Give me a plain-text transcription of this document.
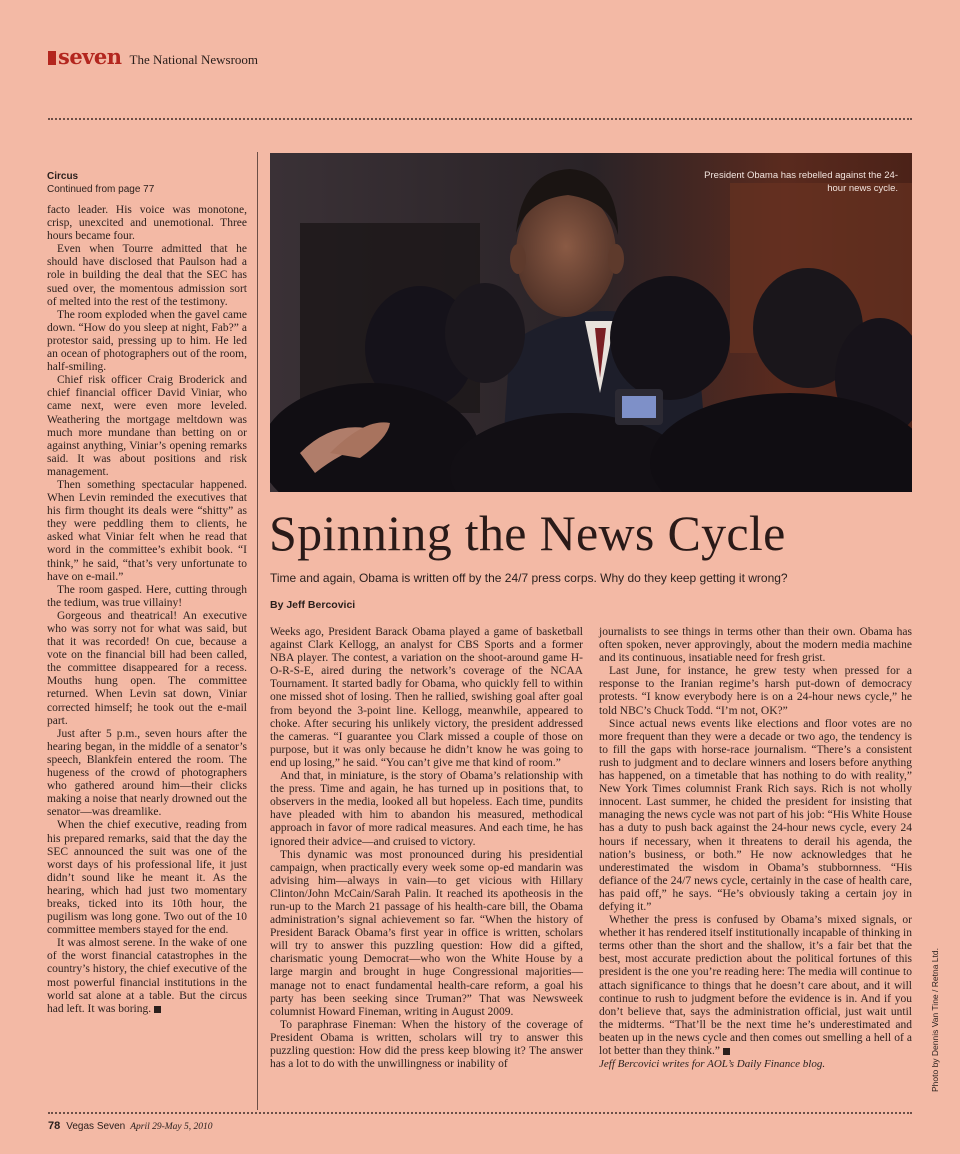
seven The National Newsroom
Circus
Continued from page 77

facto leader. His voice was monotone, crisp, unexcited and unemotional. Three hours became four.

Even when Tourre admitted that he should have disclosed that Paulson had a role in building the deal that the SEC has sued over, the momentous admission sort of melted into the rest of the testimony.

The room exploded when the gavel came down. “How do you sleep at night, Fab?” a protestor said, pressing up to him. He led an ocean of photographers out of the room, half-smiling.

Chief risk officer Craig Broderick and chief financial officer David Viniar, who came next, were even more leveled. Weathering the mortgage meltdown was much more mundane than betting on or against anything, Viniar’s opening remarks said. It was about positions and risk management.

Then something spectacular happened. When Levin reminded the executives that his firm thought its deals were “shitty” as they were peddling them to clients, he asked what Viniar felt when he read that word in the committee’s exhibit book. “I think,” he said, “that’s very unfortunate to have on e-mail.”

The room gasped. Here, cutting through the tedium, was true villainy!

Gorgeous and theatrical! An executive who was sorry not for what was said, but that it was recorded! On cue, because a vote on the financial bill had been called, the committee disappeared for a recess. Mouths hung open. The committee returned. When Levin sat down, Viniar corrected himself; he took out the e-mail part.

Just after 5 p.m., seven hours after the hearing began, in the middle of a senator’s speech, Blankfein entered the room. The hugeness of the crowd of photographers who gathered around him—their clicks making a noise that nearly drowned out the senator—was dreamlike.

When the chief executive, reading from his prepared remarks, said that the day the SEC announced the suit was one of the worst days of his professional life, it just didn’t sound like he meant it. As the hearing, which had just two momentary breaks, ticked into its 10th hour, the pugilism was long gone. Two out of the 10 committee members stayed for the end.

It was almost serene. In the wake of one of the worst financial catastrophes in the country’s history, the chief executive of the most powerful financial institutions in the world sat alone at a table. But the circus had left. It was boring.

President Obama has rebelled against the 24-hour news cycle.
Spinning the News Cycle
Time and again, Obama is written off by the 24/7 press corps. Why do they keep getting it wrong?
By Jeff Bercovici

Weeks ago, President Barack Obama played a game of basketball against Clark Kellogg, an analyst for CBS Sports and a former NBA player. The contest, a variation on the shoot-around game H-O-R-S-E, aired during the network’s coverage of the NCAA Tournament. It started badly for Obama, who quickly fell to within one missed shot of losing. Then he rallied, swishing goal after goal from beyond the 3-point line. Kellogg, meanwhile, appeared to choke. After securing his unlikely victory, the president addressed the cameras. “I guarantee you Clark missed a couple of those on purpose, but it was only because he didn’t know he was going to end up losing,” he said. “You can’t give me that kind of room.”

And that, in miniature, is the story of Obama’s relationship with the press. Time and again, he has turned up in positions that, to observers in the media, looked all but hopeless. Each time, pundits have pleaded with him to abandon his measured, methodical approach in favor of more radical measures. And each time, he has ignored their advice—and cruised to victory.

This dynamic was most pronounced during his presidential campaign, when practically every week some op-ed mandarin was advising him—always in vain—to get vicious with Hillary Clinton/John McCain/Sarah Palin. It reached its apotheosis in the run-up to the March 21 passage of his health-care bill, the Obama administration’s signal achievement so far. “When the history of President Barack Obama’s first year in office is written, scholars will try to answer this puzzling question: How did a gifted, charismatic young Democrat—who won the White House by a large margin and brought in huge Congressional majorities—manage not to enact fundamental health-care reform, a goal his party has been seeking since Truman?” That was Newsweek columnist Howard Fineman, writing in August 2009.

To paraphrase Fineman: When the history of the coverage of President Obama is written, scholars will try to answer this puzzling question: How did the press keep blowing it? The answer has a lot to do with the unwillingness or inability of

journalists to see things in terms other than their own. Obama has often spoken, never approvingly, about the modern media machine and its continuous, insatiable need for fresh grist.

Last June, for instance, he grew testy when pressed for a response to the Iranian regime’s harsh put-down of democracy protests. “I know everybody here is on a 24-hour news cycle,” he told NBC’s Chuck Todd. “I’m not, OK?”

Since actual news events like elections and floor votes are no more frequent than they were a decade or two ago, the tendency is to fill the gaps with horse-race journalism. “There’s a consistent rush to judgment and to declare winners and losers before anything has happened, on a timetable that has nothing to do with reality,” New York Times columnist Frank Rich says. Rich is not wholly innocent. Last summer, he chided the president for insisting that managing the news cycle was not part of his job: “His White House has a duty to push back against the 24-hour news cycle, every 24 hours if necessary, when it threatens to derail his agenda, the nation’s business, or both.” He now acknowledges that he underestimated the wisdom in Obama’s stubbornness. “His defiance of the 24/7 news cycle, certainly in the case of health care, has paid off,” he says. “He’s obviously taking a certain joy in defying it.”

Whether the press is confused by Obama’s mixed signals, or whether it has rendered itself institutionally incapable of thinking in terms other than the short and the shallow, it’s a fair bet that the best, most accurate prediction about the political fortunes of this president is the one you’re reading here: The media will continue to attach significance to things that he doesn’t care about, and it will continue to rush to judgment before the evidence is in. And if you don’t believe that, says the administration official, just wait until the midterms. “That’ll be the next time he’s underestimated and beaten up in the news cycle and then comes out smelling a hell of a lot better than they think.”

Jeff Bercovici writes for AOL’s Daily Finance blog.	Photo by Dennis Van Tine / Retna Ltd.
78 Vegas Seven April 29-May 5, 2010
